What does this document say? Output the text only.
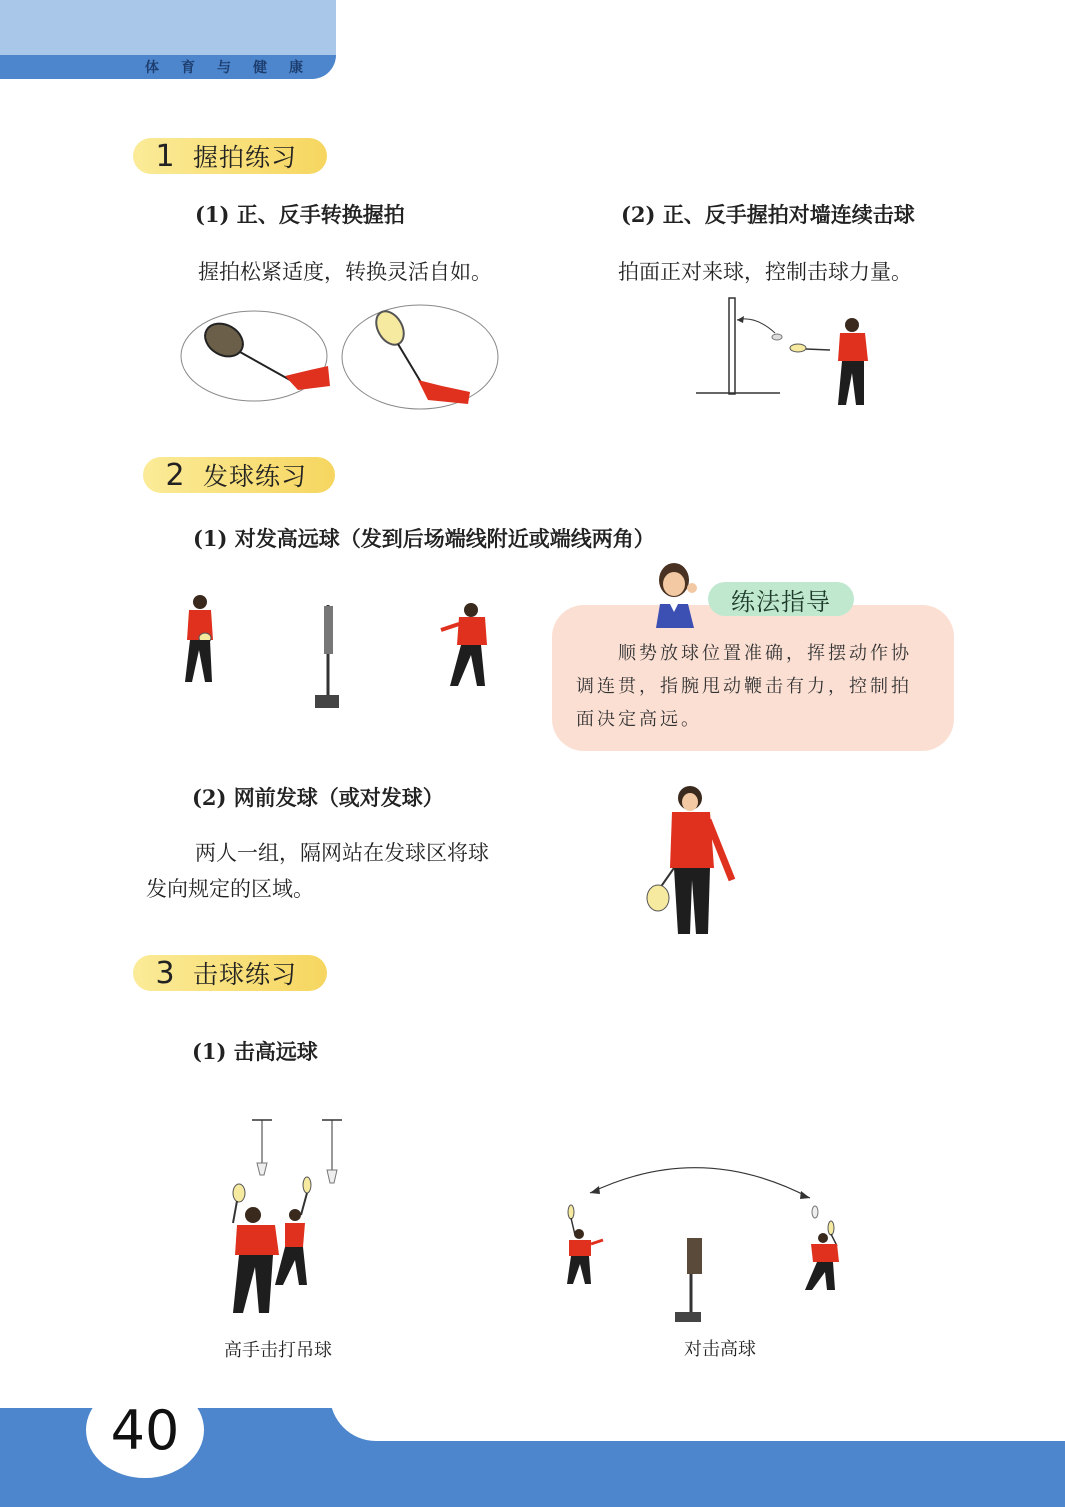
体育与健康
1 握拍练习
(1) 正、反手转换握拍
握拍松紧适度，转换灵活自如。
(2) 正、反手握拍对墙连续击球
拍面正对来球，控制击球力量。
2 发球练习
(1) 对发高远球（发到后场端线附近或端线两角）
练法指导
顺势放球位置准确，挥摆动作协
调连贯，指腕甩动鞭击有力，控制拍
面决定高远。
(2) 网前发球（或对发球）
两人一组，隔网站在发球区将球
发向规定的区域。
3 击球练习
(1) 击高远球
高手击打吊球	对击高球
40
